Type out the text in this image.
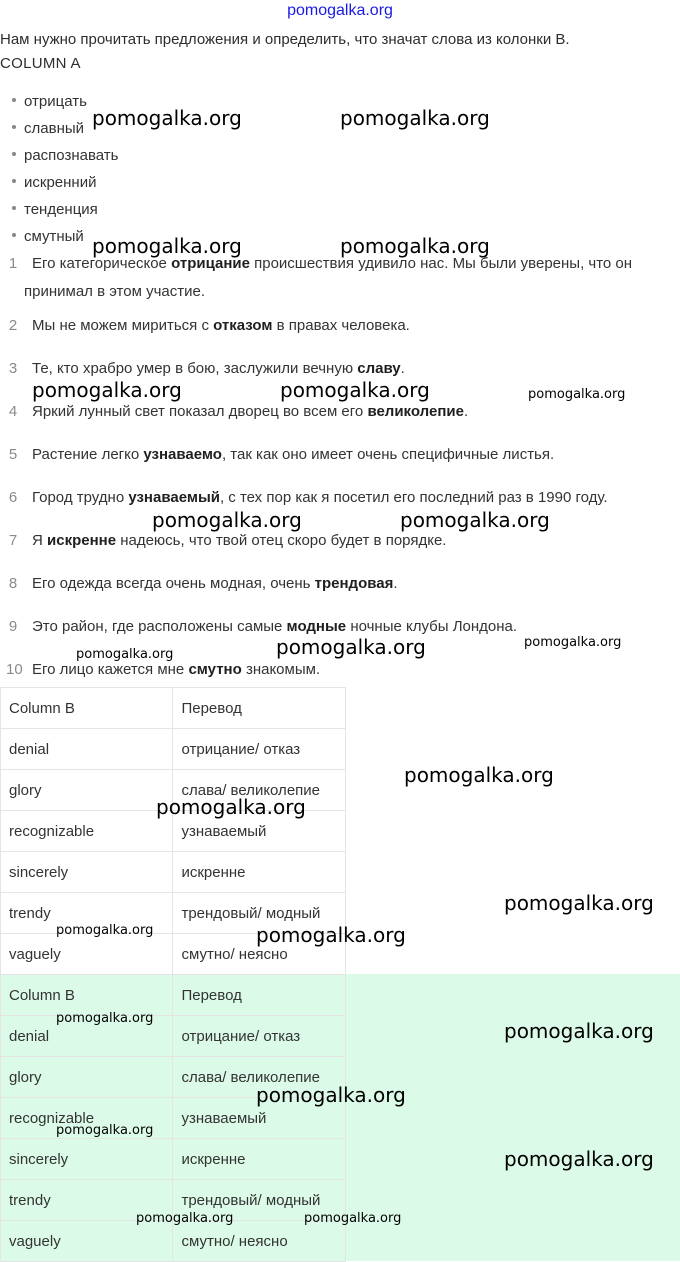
pomogalka.org
Нам нужно прочитать предложения и определить, что значат слова из колонки B.
COLUMN A
отрицать
славный
распознавать
искренний
тенденция
смутный
1 Его категорическое отрицание происшествия удивило нас. Мы были уверены, что он
принимал в этом участие.
2 Мы не можем мириться с отказом в правах человека.
3 Те, кто храбро умер в бою, заслужили вечную славу.
4 Яркий лунный свет показал дворец во всем его великолепие.
5 Растение легко узнаваемо, так как оно имеет очень специфичные листья.
6 Город трудно узнаваемый, с тех пор как я посетил его последний раз в 1990 году.
7 Я искренне надеюсь, что твой отец скоро будет в порядке.
8 Его одежда всегда очень модная, очень трендовая.
9 Это район, где расположены самые модные ночные клубы Лондона.
10 Его лицо кажется мне смутно знакомым.
Column B	Перевод
denial	отрицание/ отказ
glory	слава/ великолепие
recognizable	узнаваемый
sincerely	искренне
trendy	трендовый/ модный
vaguely	смутно/ неясно
Column B	Перевод
denial	отрицание/ отказ
glory	слава/ великолепие
recognizable	узнаваемый
sincerely	искренне
trendy	трендовый/ модный
vaguely	смутно/ неясно
pomogalka.org	pomogalka.org
pomogalka.org	pomogalka.org
pomogalka.org	pomogalka.org	pomogalka.org
pomogalka.org	pomogalka.org
pomogalka.org	pomogalka.org
pomogalka.org
pomogalka.org
pomogalka.org
pomogalka.org
pomogalka.org	pomogalka.org
pomogalka.org
pomogalka.org
pomogalka.org
pomogalka.org
pomogalka.org
pomogalka.org	pomogalka.org
